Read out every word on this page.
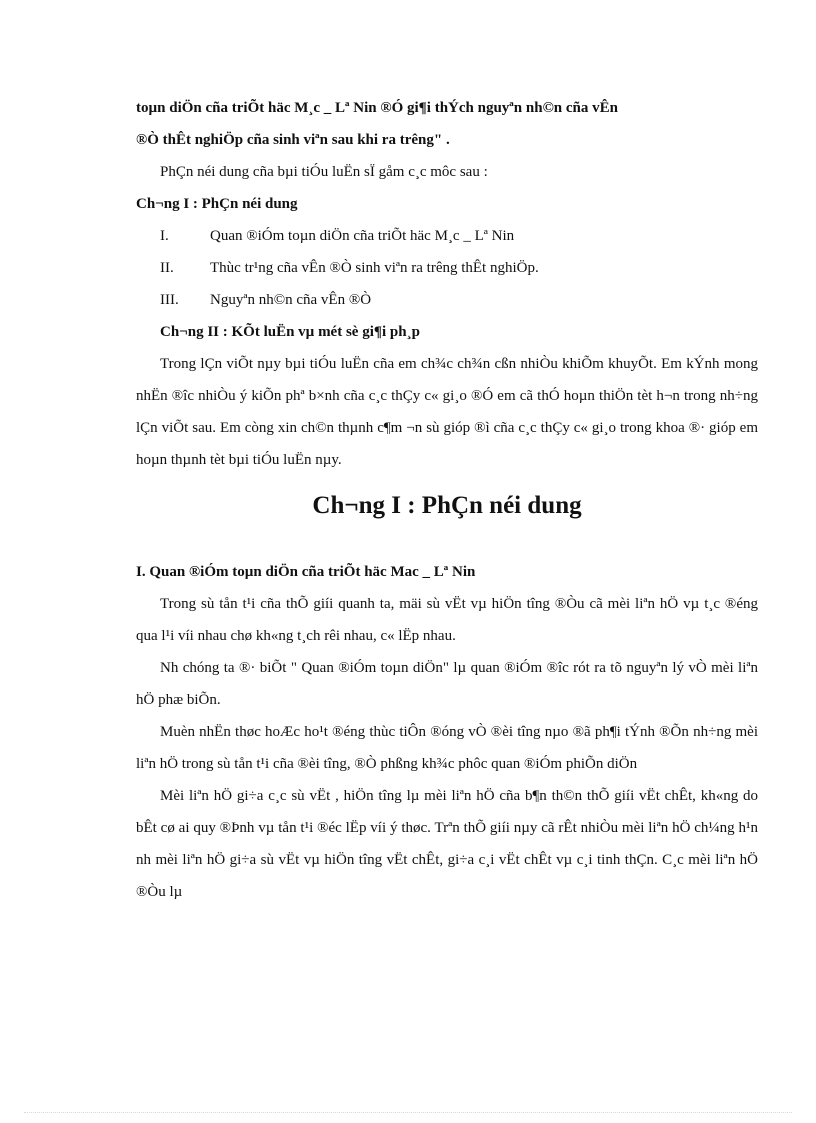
toµn diÖn cña triÕt häc M¸c _ Lª Nin ®Ó gi¶i thÝch nguyªn nh©n cña vÊn
®Ò thÊt nghiÖp cña sinh viªn sau khi ra trêng" .

PhÇn néi dung cña bµi tiÓu luËn sÏ gåm c¸c môc sau :

Ch¬ng I : PhÇn néi dung

I.	Quan ®iÓm toµn diÖn cña triÕt häc M¸c _ Lª Nin
II.	Thùc tr¹ng cña vÊn ®Ò sinh viªn ra trêng thÊt nghiÖp.
III.	Nguyªn nh©n cña vÊn ®Ò

Ch¬ng II : KÕt luËn vµ mét sè gi¶i ph¸p

Trong lÇn viÕt nµy bµi tiÓu luËn cña em ch¾c ch¾n cßn nhiÒu khiÕm khuyÕt. Em kÝnh mong nhËn ®îc nhiÒu ý kiÕn phª b×nh cña c¸c thÇy c« gi¸o ®Ó em cã thÓ hoµn thiÖn tèt h¬n trong nh÷ng lÇn viÕt sau. Em còng xin ch©n thµnh c¶m ¬n sù gióp ®ì cña c¸c thÇy c« gi¸o trong khoa ®· gióp em hoµn thµnh tèt bµi tiÓu luËn nµy.

Ch¬ng I : PhÇn néi dung

I. Quan ®iÓm toµn diÖn cña triÕt häc Mac _ Lª Nin

Trong sù tån t¹i cña thÕ giíi quanh ta, mäi sù vËt vµ hiÖn tîng ®Òu cã mèi liªn hÖ vµ t¸c ®éng qua l¹i víi nhau chø kh«ng t¸ch rêi nhau, c« lËp nhau.

Nh chóng ta ®· biÕt " Quan ®iÓm toµn diÖn" lµ quan ®iÓm ®îc rót ra tõ nguyªn lý vÒ mèi liªn hÖ phæ biÕn.

Muèn nhËn thøc hoÆc ho¹t ®éng thùc tiÔn ®óng vÒ ®èi tîng nµo ®ã ph¶i tÝnh ®Õn nh÷ng mèi liªn hÖ trong sù tån t¹i cña ®èi tîng, ®Ò phßng kh¾c phôc quan ®iÓm phiÕn diÖn

Mèi liªn hÖ gi÷a c¸c sù vËt , hiÖn tîng lµ mèi liªn hÖ cña b¶n th©n thÕ giíi vËt chÊt, kh«ng do bÊt cø ai quy ®Þnh vµ tån t¹i ®éc lËp víi ý thøc. Trªn thÕ giíi nµy cã rÊt nhiÒu mèi liªn hÖ ch¼ng h¹n nh mèi liªn hÖ gi÷a sù vËt vµ hiÖn tîng vËt chÊt, gi÷a c¸i vËt chÊt vµ c¸i tinh thÇn. C¸c mèi liªn hÖ ®Òu lµ
